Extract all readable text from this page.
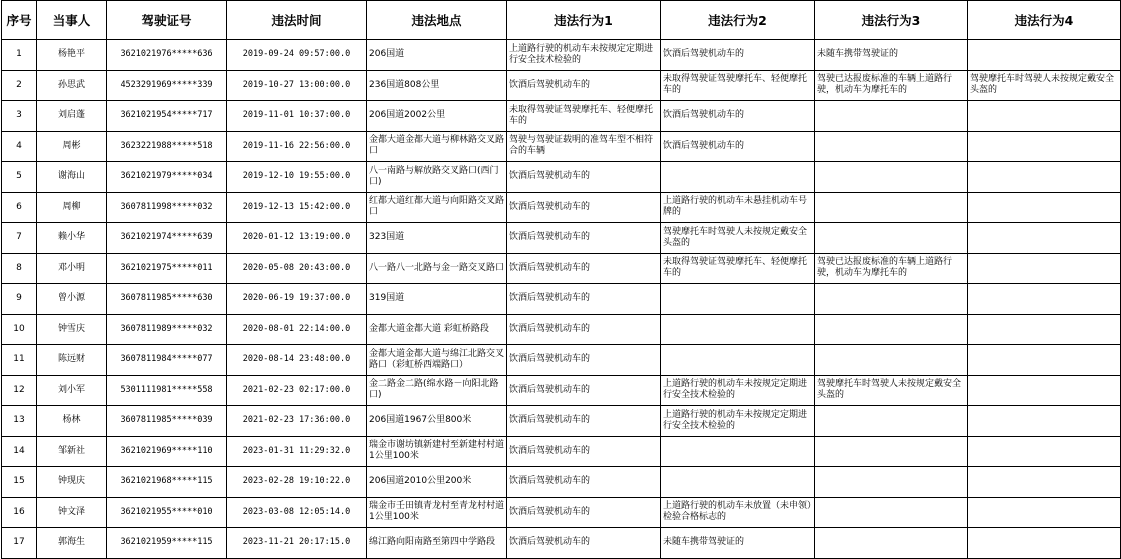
序号	当事人	驾驶证号	违法时间	违法地点	违法行为1	违法行为2	违法行为3	违法行为4
1	杨艳平	3621021976*****636	2019-09-24 09:57:00.0	206国道	上道路行驶的机动车未按规定定期进行安全技术检验的	饮酒后驾驶机动车的	未随车携带驾驶证的	
2	孙思武	4523291969*****339	2019-10-27 13:00:00.0	236国道808公里	饮酒后驾驶机动车的	未取得驾驶证驾驶摩托车、轻便摩托车的	驾驶已达报废标准的车辆上道路行驶，机动车为摩托车的	驾驶摩托车时驾驶人未按规定戴安全头盔的
3	刘启蓬	3621021954*****717	2019-11-01 10:37:00.0	206国道2002公里	未取得驾驶证驾驶摩托车、轻便摩托车的	饮酒后驾驶机动车的		
4	周彬	3623221988*****518	2019-11-16 22:56:00.0	金都大道金都大道与柳林路交叉路口	驾驶与驾驶证载明的准驾车型不相符合的车辆	饮酒后驾驶机动车的		
5	谢海山	3621021979*****034	2019-12-10 19:55:00.0	八一南路与解放路交叉路口(西门口)	饮酒后驾驶机动车的			
6	周柳	3607811998*****032	2019-12-13 15:42:00.0	红都大道红都大道与向阳路交叉路口	饮酒后驾驶机动车的	上道路行驶的机动车未悬挂机动车号牌的		
7	赖小华	3621021974*****639	2020-01-12 13:19:00.0	323国道	饮酒后驾驶机动车的	驾驶摩托车时驾驶人未按规定戴安全头盔的		
8	邓小明	3621021975*****011	2020-05-08 20:43:00.0	八一路八一北路与金一路交叉路口	饮酒后驾驶机动车的	未取得驾驶证驾驶摩托车、轻便摩托车的	驾驶已达报废标准的车辆上道路行驶，机动车为摩托车的	
9	曾小源	3607811985*****630	2020-06-19 19:37:00.0	319国道	饮酒后驾驶机动车的			
10	钟雪庆	3607811989*****032	2020-08-01 22:14:00.0	金都大道金都大道 彩虹桥路段	饮酒后驾驶机动车的			
11	陈远财	3607811984*****077	2020-08-14 23:48:00.0	金都大道金都大道与绵江北路交叉路口（彩虹桥西端路口）	饮酒后驾驶机动车的			
12	刘小军	5301111981*****558	2021-02-23 02:17:00.0	金二路金二路(绵水路－向阳北路口)	饮酒后驾驶机动车的	上道路行驶的机动车未按规定定期进行安全技术检验的	驾驶摩托车时驾驶人未按规定戴安全头盔的	
13	杨林	3607811985*****039	2021-02-23 17:36:00.0	206国道1967公里800米	饮酒后驾驶机动车的	上道路行驶的机动车未按规定定期进行安全技术检验的		
14	邹新社	3621021969*****110	2023-01-31 11:29:32.0	瑞金市谢坊镇新建村至新建村村道1公里100米	饮酒后驾驶机动车的			
15	钟现庆	3621021968*****115	2023-02-28 19:10:22.0	206国道2010公里200米	饮酒后驾驶机动车的			
16	钟文泽	3621021955*****010	2023-03-08 12:05:14.0	瑞金市壬田镇青龙村至青龙村村道1公里100米	饮酒后驾驶机动车的	上道路行驶的机动车未放置（未申领）检验合格标志的		
17	郭海生	3621021959*****115	2023-11-21 20:17:15.0	绵江路向阳南路至第四中学路段	饮酒后驾驶机动车的	未随车携带驾驶证的		
